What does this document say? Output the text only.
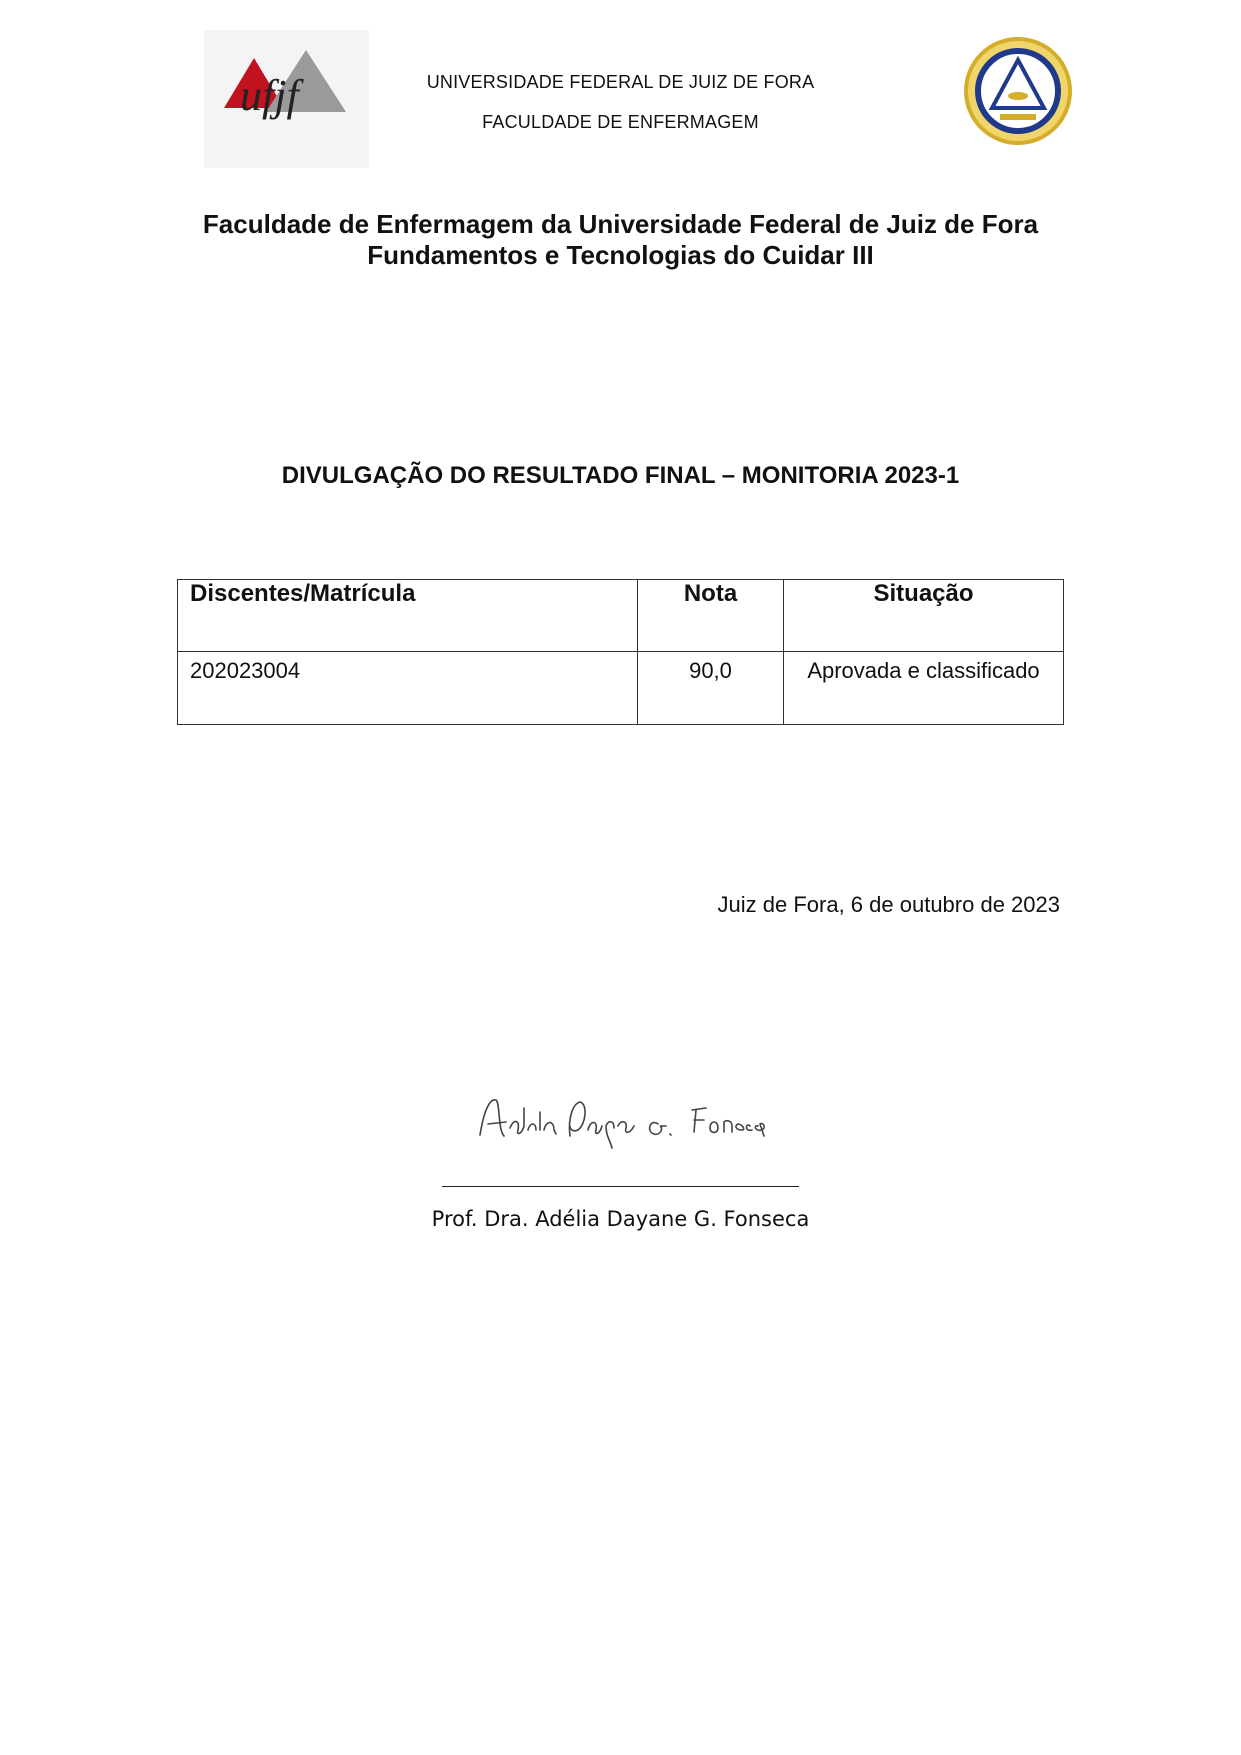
ufjf	UNIVERSIDADE FEDERAL DE JUIZ DE FORA
FACULDADE DE ENFERMAGEM
Faculdade de Enfermagem da Universidade Federal de Juiz de Fora
Fundamentos e Tecnologias do Cuidar III
DIVULGAÇÃO DO RESULTADO FINAL – MONITORIA 2023-1
Discentes/Matrícula	Nota	Situação
202023004	90,0	Aprovada e classificado
Juiz de Fora, 6 de outubro de 2023
Prof. Dra. Adélia Dayane G. Fonseca
